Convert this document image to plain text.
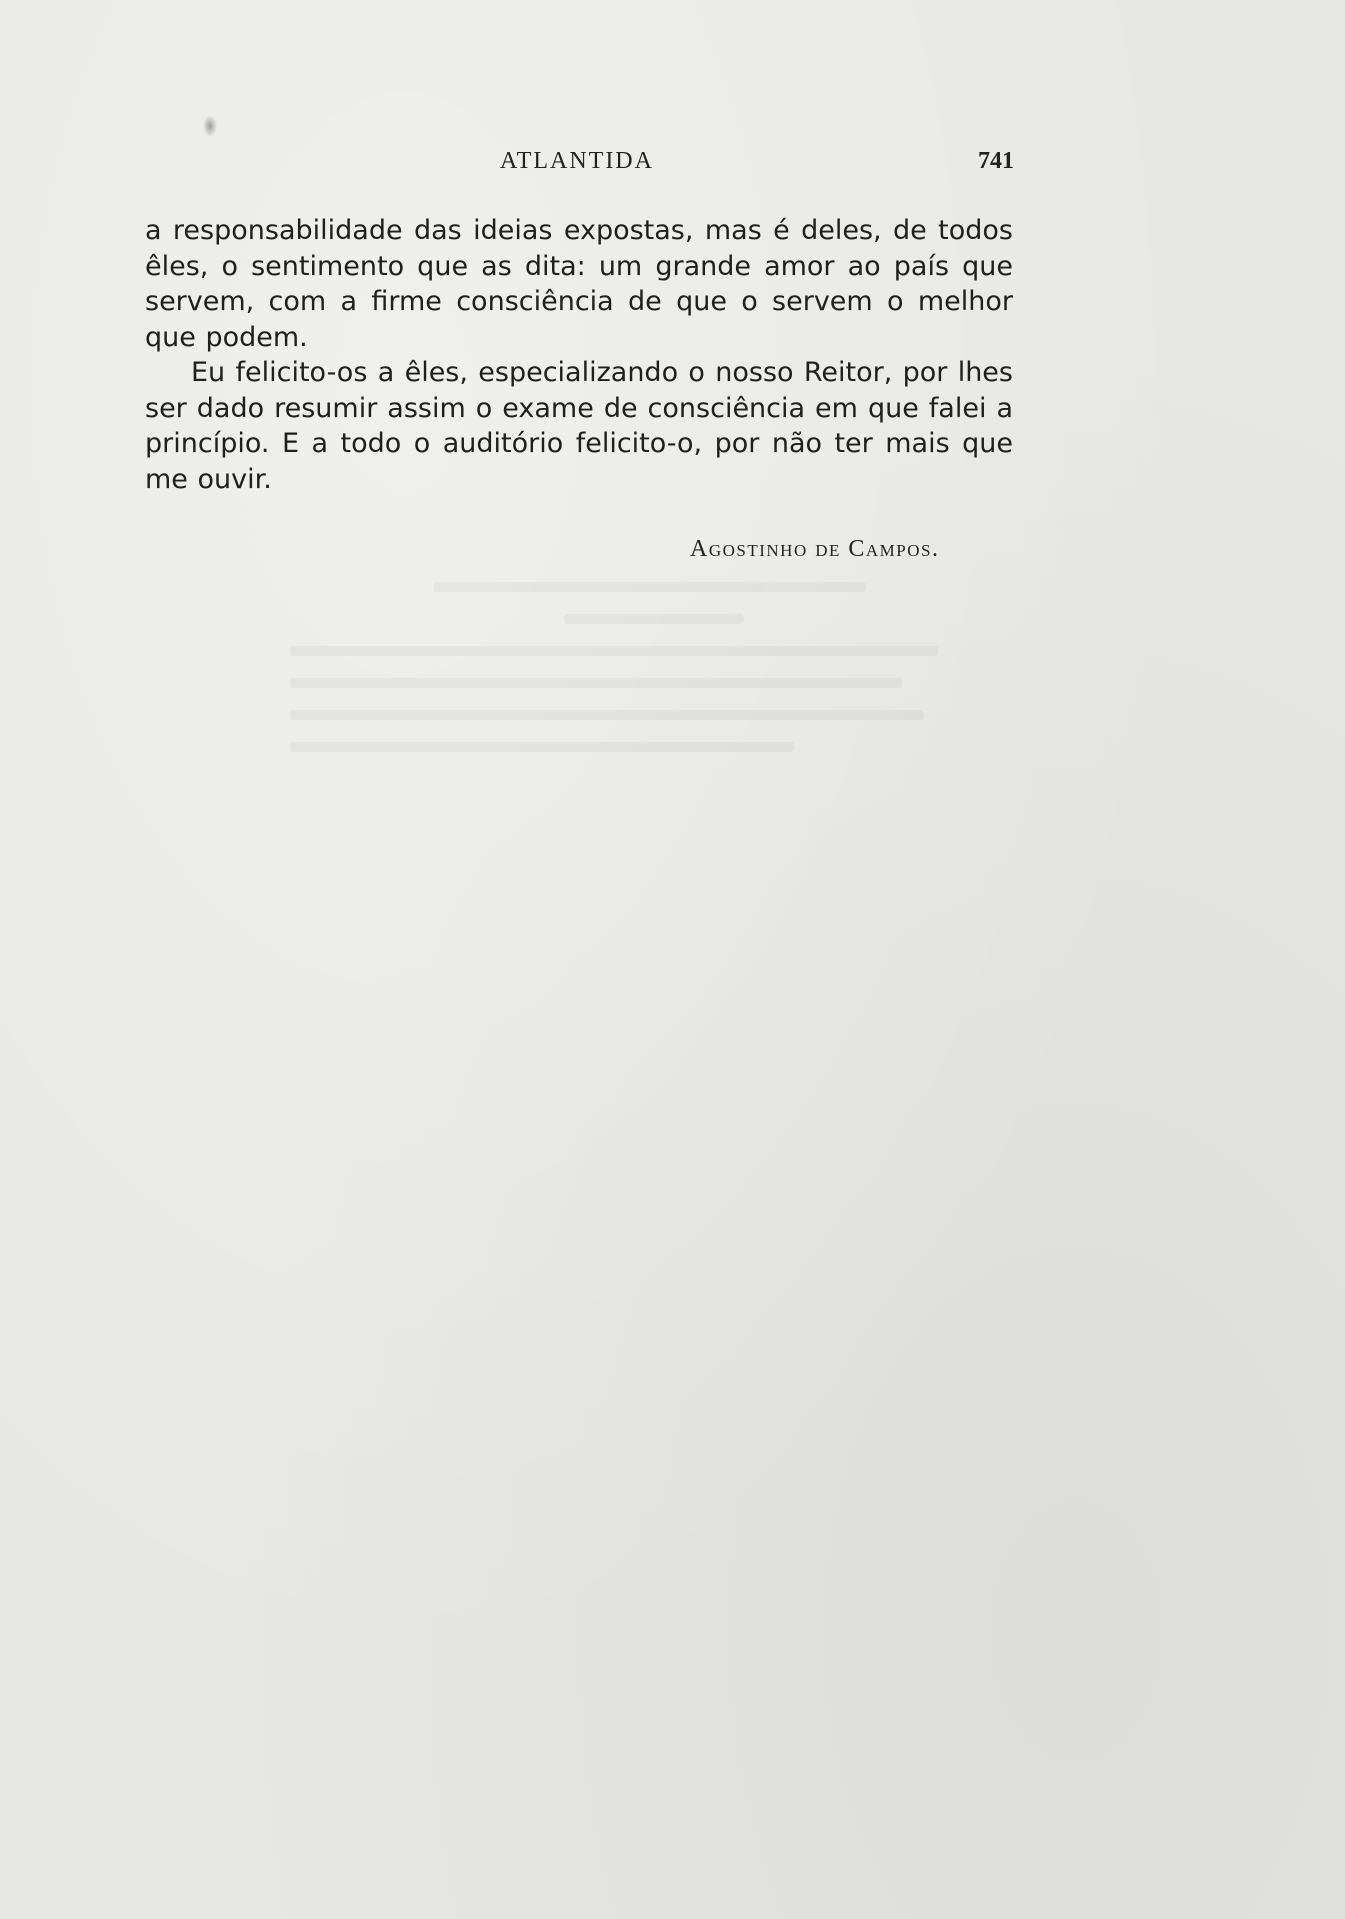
ATLANTIDA	741

a responsabilidade das ideias expostas, mas é deles, de todos êles, o sentimento que as dita: um grande amor ao país que servem, com a firme consciência de que o servem o melhor que podem.

Eu felicito-os a êles, especializando o nosso Reitor, por lhes ser dado resumir assim o exame de consciência em que falei a princípio. E a todo o auditório felicito-o, por não ter mais que me ouvir.

Agostinho de Campos.
